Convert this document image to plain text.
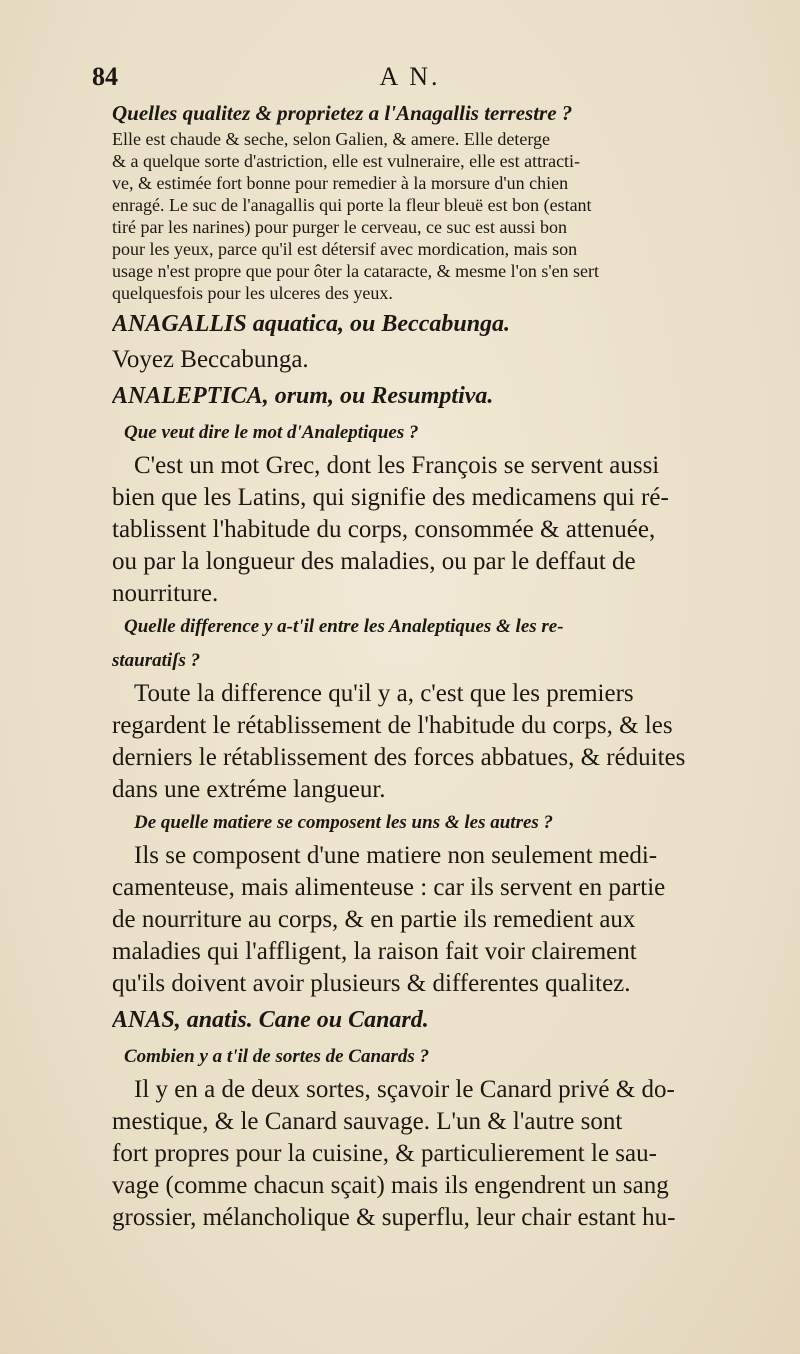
84	A N.
Quelles qualitez & proprietez a l'Anagallis terrestre ?
Elle est chaude & seche, selon Galien, & amere. Elle deterge
& a quelque sorte d'astriction, elle est vulneraire, elle est attracti-
ve, & estimée fort bonne pour remedier à la morsure d'un chien
enragé. Le suc de l'anagallis qui porte la fleur bleuë est bon (estant
tiré par les narines) pour purger le cerveau, ce suc est aussi bon
pour les yeux, parce qu'il est détersif avec mordication, mais son
usage n'est propre que pour ôter la cataracte, & mesme l'on s'en sert
quelquesfois pour les ulceres des yeux.
ANAGALLIS aquatica, ou Beccabunga.
Voyez Beccabunga.
ANALEPTICA, orum, ou Resumptiva.
Que veut dire le mot d'Analeptiques ?
C'est un mot Grec, dont les François se servent aussi
bien que les Latins, qui signifie des medicamens qui ré-
tablissent l'habitude du corps, consommée & attenuée,
ou par la longueur des maladies, ou par le deffaut de
nourriture.
Quelle difference y a-t'il entre les Analeptiques & les re-
stauratiſs ?
Toute la difference qu'il y a, c'est que les premiers
regardent le rétablissement de l'habitude du corps, & les
derniers le rétablissement des forces abbatues, & réduites
dans une extréme langueur.
De quelle matiere se composent les uns & les autres ?
Ils se composent d'une matiere non seulement medi-
camenteuse, mais alimenteuse : car ils servent en partie
de nourriture au corps, & en partie ils remedient aux
maladies qui l'affligent, la raison fait voir clairement
qu'ils doivent avoir plusieurs & differentes qualitez.
ANAS, anatis. Cane ou Canard.
Combien y a t'il de sortes de Canards ?
Il y en a de deux sortes, sçavoir le Canard privé & do-
mestique, & le Canard sauvage. L'un & l'autre sont
fort propres pour la cuisine, & particulierement le sau-
vage (comme chacun sçait) mais ils engendrent un sang
grossier, mélancholique & superflu, leur chair estant hu-
